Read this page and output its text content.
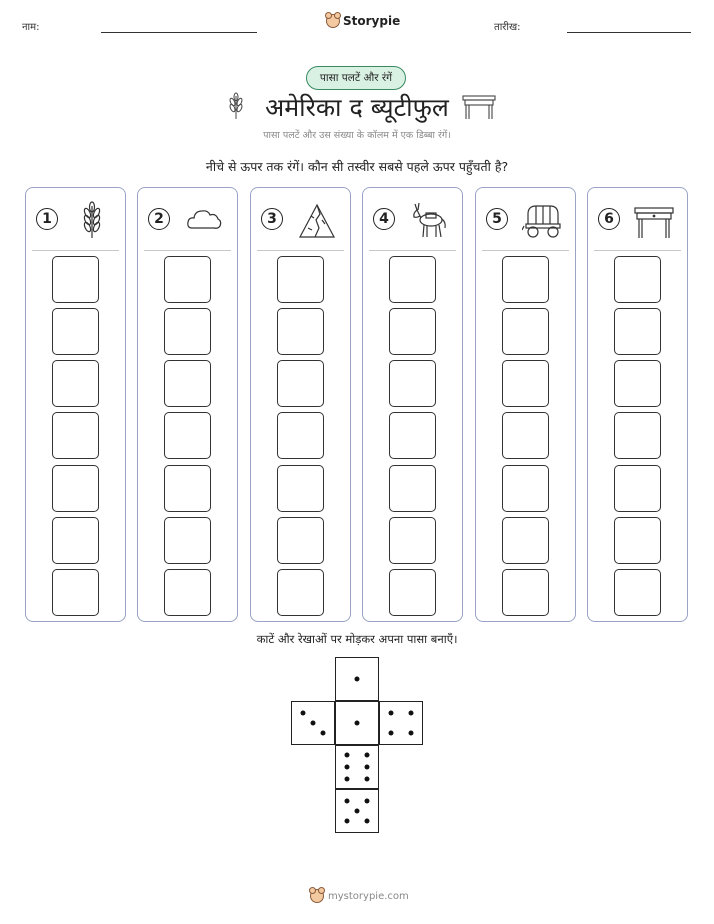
नाम:	Storypie	तारीख:
पासा पलटें और रंगें
अमेरिका द ब्यूटीफुल
पासा पलटें और उस संख्या के कॉलम में एक डिब्बा रंगें।
नीचे से ऊपर तक रंगें। कौन सी तस्वीर सबसे पहले ऊपर पहुँचती है?
1	2	3	4	5	6
काटें और रेखाओं पर मोड़कर अपना पासा बनाएँ।
mystorypie.com
